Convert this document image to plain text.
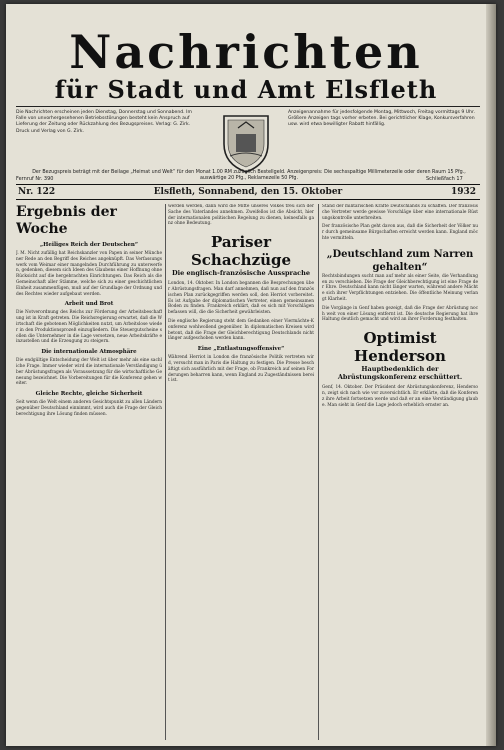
Nachrichten
für Stadt und Amt Elsfleth
Die Nachrichten erscheinen jeden Dienstag, Donnerstag und Sonnabend. Im Falle von unvorhergesehenen Betriebsstörungen besteht kein Anspruch auf Lieferung der Zeitung oder Rückzahlung des Bezugspreises. Verlag: G. Zirk. Druck und Verlag von G. Zirk.
Anzeigenannahme für jedesfolgende Montag, Mittwoch, Freitag vormittags 9 Uhr. Größere Anzeigen tags vorher erbeten. Bei gerichtlicher Klage, Konkursverfahren usw. wird etwa bewilligter Rabatt hinfällig.
Der Bezugspreis beträgt mit der Beilage „Heimat und Welt“ für den Monat 1.00 RM zuzüglich Bestellgeld. Anzeigenpreis: Die sechsspaltige Millimeterzeile oder deren Raum 15 Pfg., auswärtige 20 Pfg., Reklamezeile 50 Pfg.
Fernruf Nr. 390	Schließfach 17
Nr. 122	Elsfleth, Sonnabend, den 15. Oktober	1932
Ergebnis der Woche
„Heiliges Reich der Deutschen“
J. M. Nicht zufällig hat Reichskanzler von Papen in seiner Münchener Rede an den Begriff des Reiches angeknüpft. Das Verfassungswerk vom Weimar einer mangelnden Durchführung zu unterwerfen, gedenken, diesem sich Ideen des Glaubens einer Hoffnung ohne Rücksicht auf die hergebrachten Einrichtungen. Das Reich als die Gemeinschaft aller Stämme, welche sich zu einer geschichtlichen Einheit zusammenfügen, muß auf der Grundlage der Ordnung und des Rechtes wieder aufgebaut werden.
Arbeit und Brot
Die Notverordnung des Reichs zur Förderung der Arbeitsbeschaffung ist in Kraft getreten. Die Reichsregierung erwartet, daß die Wirtschaft die gebotenen Möglichkeiten nutzt, um Arbeitslose wieder in den Produktionsprozeß einzugliedern. Die Steuergutscheine sollen die Unternehmer in die Lage versetzen, neue Arbeitskräfte einzustellen und die Erzeugung zu steigern.
Die internationale Atmosphäre
Die endgültige Entscheidung der Welt ist über mehr als eine sachliche Frage. Immer wieder wird die internationale Verständigung über Abrüstungsfragen als Voraussetzung für die wirtschaftliche Genesung bezeichnet. Die Vorbereitungen für die Konferenz gehen weiter.
Gleiche Rechte, gleiche Sicherheit
Seit wenn die Welt einem anderen Gesichtspunkt zu allen Ländern gegenüber Deutschland einnimmt, wird auch die Frage der Gleichberechtigung ihre Lösung finden müssen.
werden werden, dann wird die Mitte unseres Volkes treu sich der Sache des Vaterlandes annehmen. Zweifellos ist die Absicht, hier der internationalen politischen Regelung zu dienen, keinesfalls ganz ohne Bedeutung.
Pariser Schachzüge
Die englisch-französische Aussprache
London, 14. Oktober. In London begannen die Besprechungen über Abrüstungsfragen. Man darf annehmen, daß nun auf den französischen Plan zurückgegriffen werden soll, den Herriot vorbereitet. Es ist Aufgabe der diplomatischen Vertreter, einen gemeinsamen Boden zu finden. Frankreich erklärt, daß es sich mit Vorschlägen befassen will, die die Sicherheit gewährleisten.
Die englische Regierung steht dem Gedanken einer Viermächte-Konferenz wohlwollend gegenüber. In diplomatischen Kreisen wird betont, daß die Frage der Gleichberechtigung Deutschlands nicht länger aufgeschoben werden kann.
Eine „Entlastungsoffensive“
Während Herriot in London die französische Politik vertreten wird, versucht man in Paris die Haltung zu festigen. Die Presse beschäftigt sich ausführlich mit der Frage, ob Frankreich auf seinen Forderungen beharren kann, wenn England zu Zugeständnissen bereit ist.
Stand der militärischen Kräfte Deutschlands zu schaffen. Der französische Vertreter werde gewisse Vorschläge über eine internationale Rüstungskontrolle unterbreiten.
Der französische Plan geht davon aus, daß die Sicherheit der Völker nur durch gemeinsame Bürgschaften erreicht werden kann. England möchte vermitteln.
„Deutschland zum Narren gehalten“
Rechtsbindungen sucht man auf mehr als einer Seite, die Verhandlungen zu verschieben. Die Frage der Gleichberechtigung ist eine Frage der Ehre. Deutschland kann nicht länger warten, während andere Mächte sich ihrer Verpflichtungen entziehen. Die öffentliche Meinung verlangt Klarheit.
Die Vorgänge in Genf haben gezeigt, daß die Frage der Abrüstung noch weit von einer Lösung entfernt ist. Die deutsche Regierung hat ihre Haltung deutlich gemacht und wird an ihrer Forderung festhalten.
Optimist Henderson
Hauptbedenklich der Abrüstungskonferenz erschüttert.
Genf, 14. Oktober. Der Präsident der Abrüstungskonferenz, Henderson, zeigt sich nach wie vor zuversichtlich. Er erklärte, daß die Konferenz ihre Arbeit fortsetzen werde und daß er an eine Verständigung glaube. Man sieht in Genf die Lage jedoch erheblich ernster an.
